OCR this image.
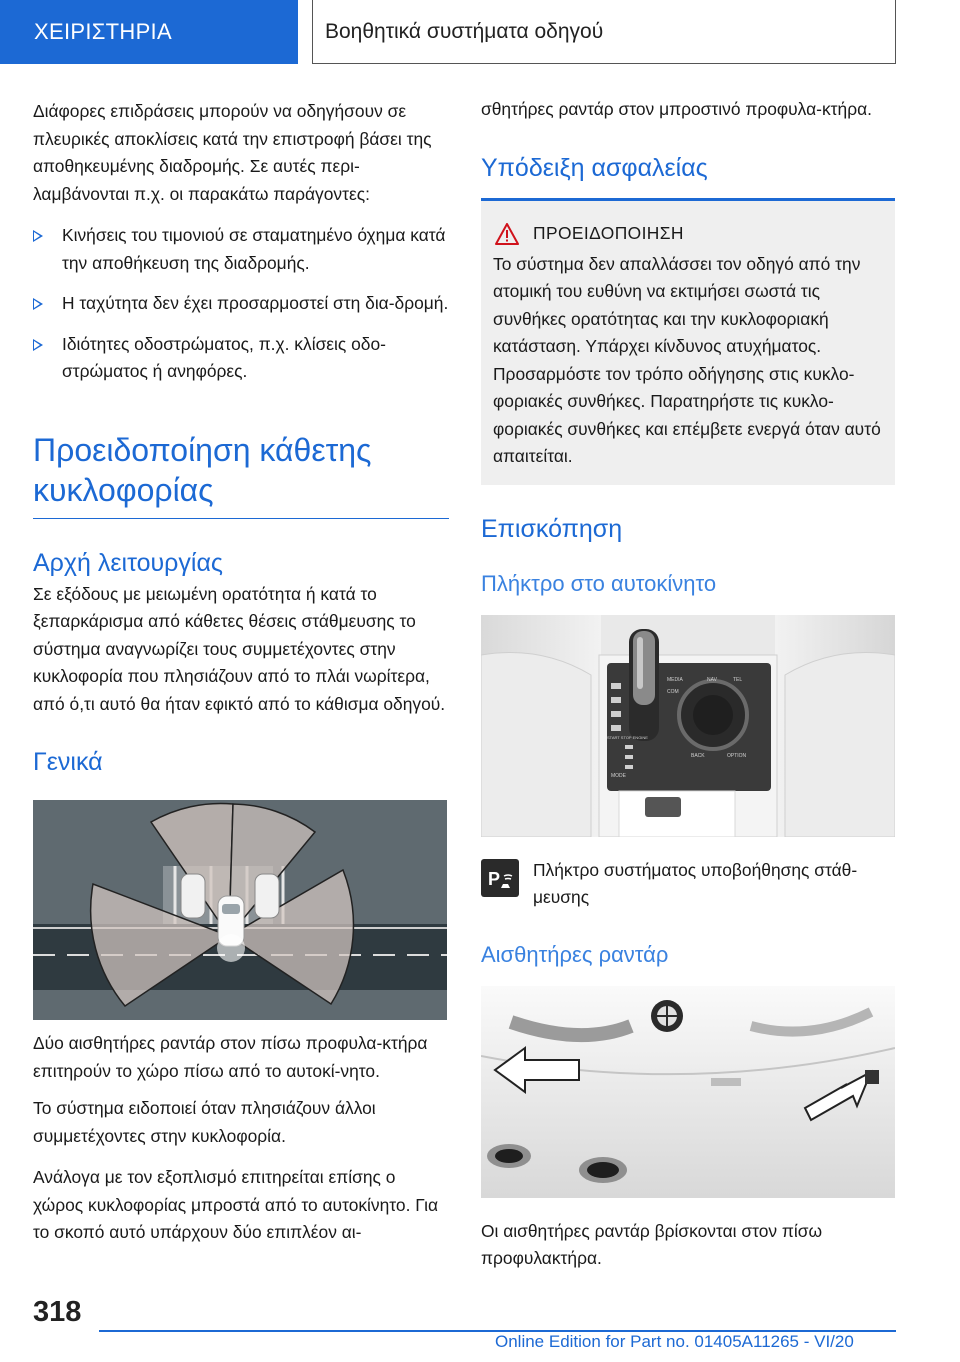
ΧΕΙΡΙΣΤΗΡΙΑ	Βοηθητικά συστήματα οδηγού

Διάφορες επιδράσεις μπορούν να οδηγήσουν σε πλευρικές αποκλίσεις κατά την επιστροφή βάσει της αποθηκευμένης διαδρομής. Σε αυτές περι-λαμβάνονται π.χ. οι παρακάτω παράγοντες:

Κινήσεις του τιμονιού σε σταματημένο όχημα κατά την αποθήκευση της διαδρομής.
Η ταχύτητα δεν έχει προσαρμοστεί στη δια-δρομή.
Ιδιότητες οδοστρώματος, π.χ. κλίσεις οδο-στρώματος ή ανηφόρες.
Προειδοποίηση κάθετης κυκλοφορίας
Αρχή λειτουργίας

Σε εξόδους με μειωμένη ορατότητα ή κατά το ξεπαρκάρισμα από κάθετες θέσεις στάθμευσης το σύστημα αναγνωρίζει τους συμμετέχοντες στην κυκλοφορία που πλησιάζουν από το πλάι νωρίτερα, από ό,τι αυτό θα ήταν εφικτό από το κάθισμα οδηγού.

Γενικά

Δύο αισθητήρες ραντάρ στον πίσω προφυλα-κτήρα επιτηρούν το χώρο πίσω από το αυτοκί-νητο.

Το σύστημα ειδοποιεί όταν πλησιάζουν άλλοι συμμετέχοντες στην κυκλοφορία.

Ανάλογα με τον εξοπλισμό επιτηρείται επίσης ο χώρος κυκλοφορίας μπροστά από το αυτοκίνητο. Για το σκοπό αυτό υπάρχουν δύο επιπλέον αι-

σθητήρες ραντάρ στον μπροστινό προφυλα-κτήρα.

Υπόδειξη ασφαλείας
ΠΡΟΕΙΔΟΠΟΙΗΣΗ

Το σύστημα δεν απαλλάσσει τον οδηγό από την ατομική του ευθύνη να εκτιμήσει σωστά τις συνθήκες ορατότητας και την κυκλοφοριακή κατάσταση. Υπάρχει κίνδυνος ατυχήματος. Προσαρμόστε τον τρόπο οδήγησης στις κυκλο-φοριακές συνθήκες. Παρατηρήστε τις κυκλο-φοριακές συνθήκες και επέμβετε ενεργά όταν αυτό απαιτείται.

Επισκόπηση
Πλήκτρο στο αυτοκίνητο
MEDIA	NAV	TEL
COM
BACK	OPTION
START STOP ENGINE
MODE
P Πλήκτρο συστήματος υποβοήθησης στάθ-μευσης

Αισθητήρες ραντάρ

Οι αισθητήρες ραντάρ βρίσκονται στον πίσω προφυλακτήρα.

318
Online Edition for Part no. 01405A11265 - VI/20
